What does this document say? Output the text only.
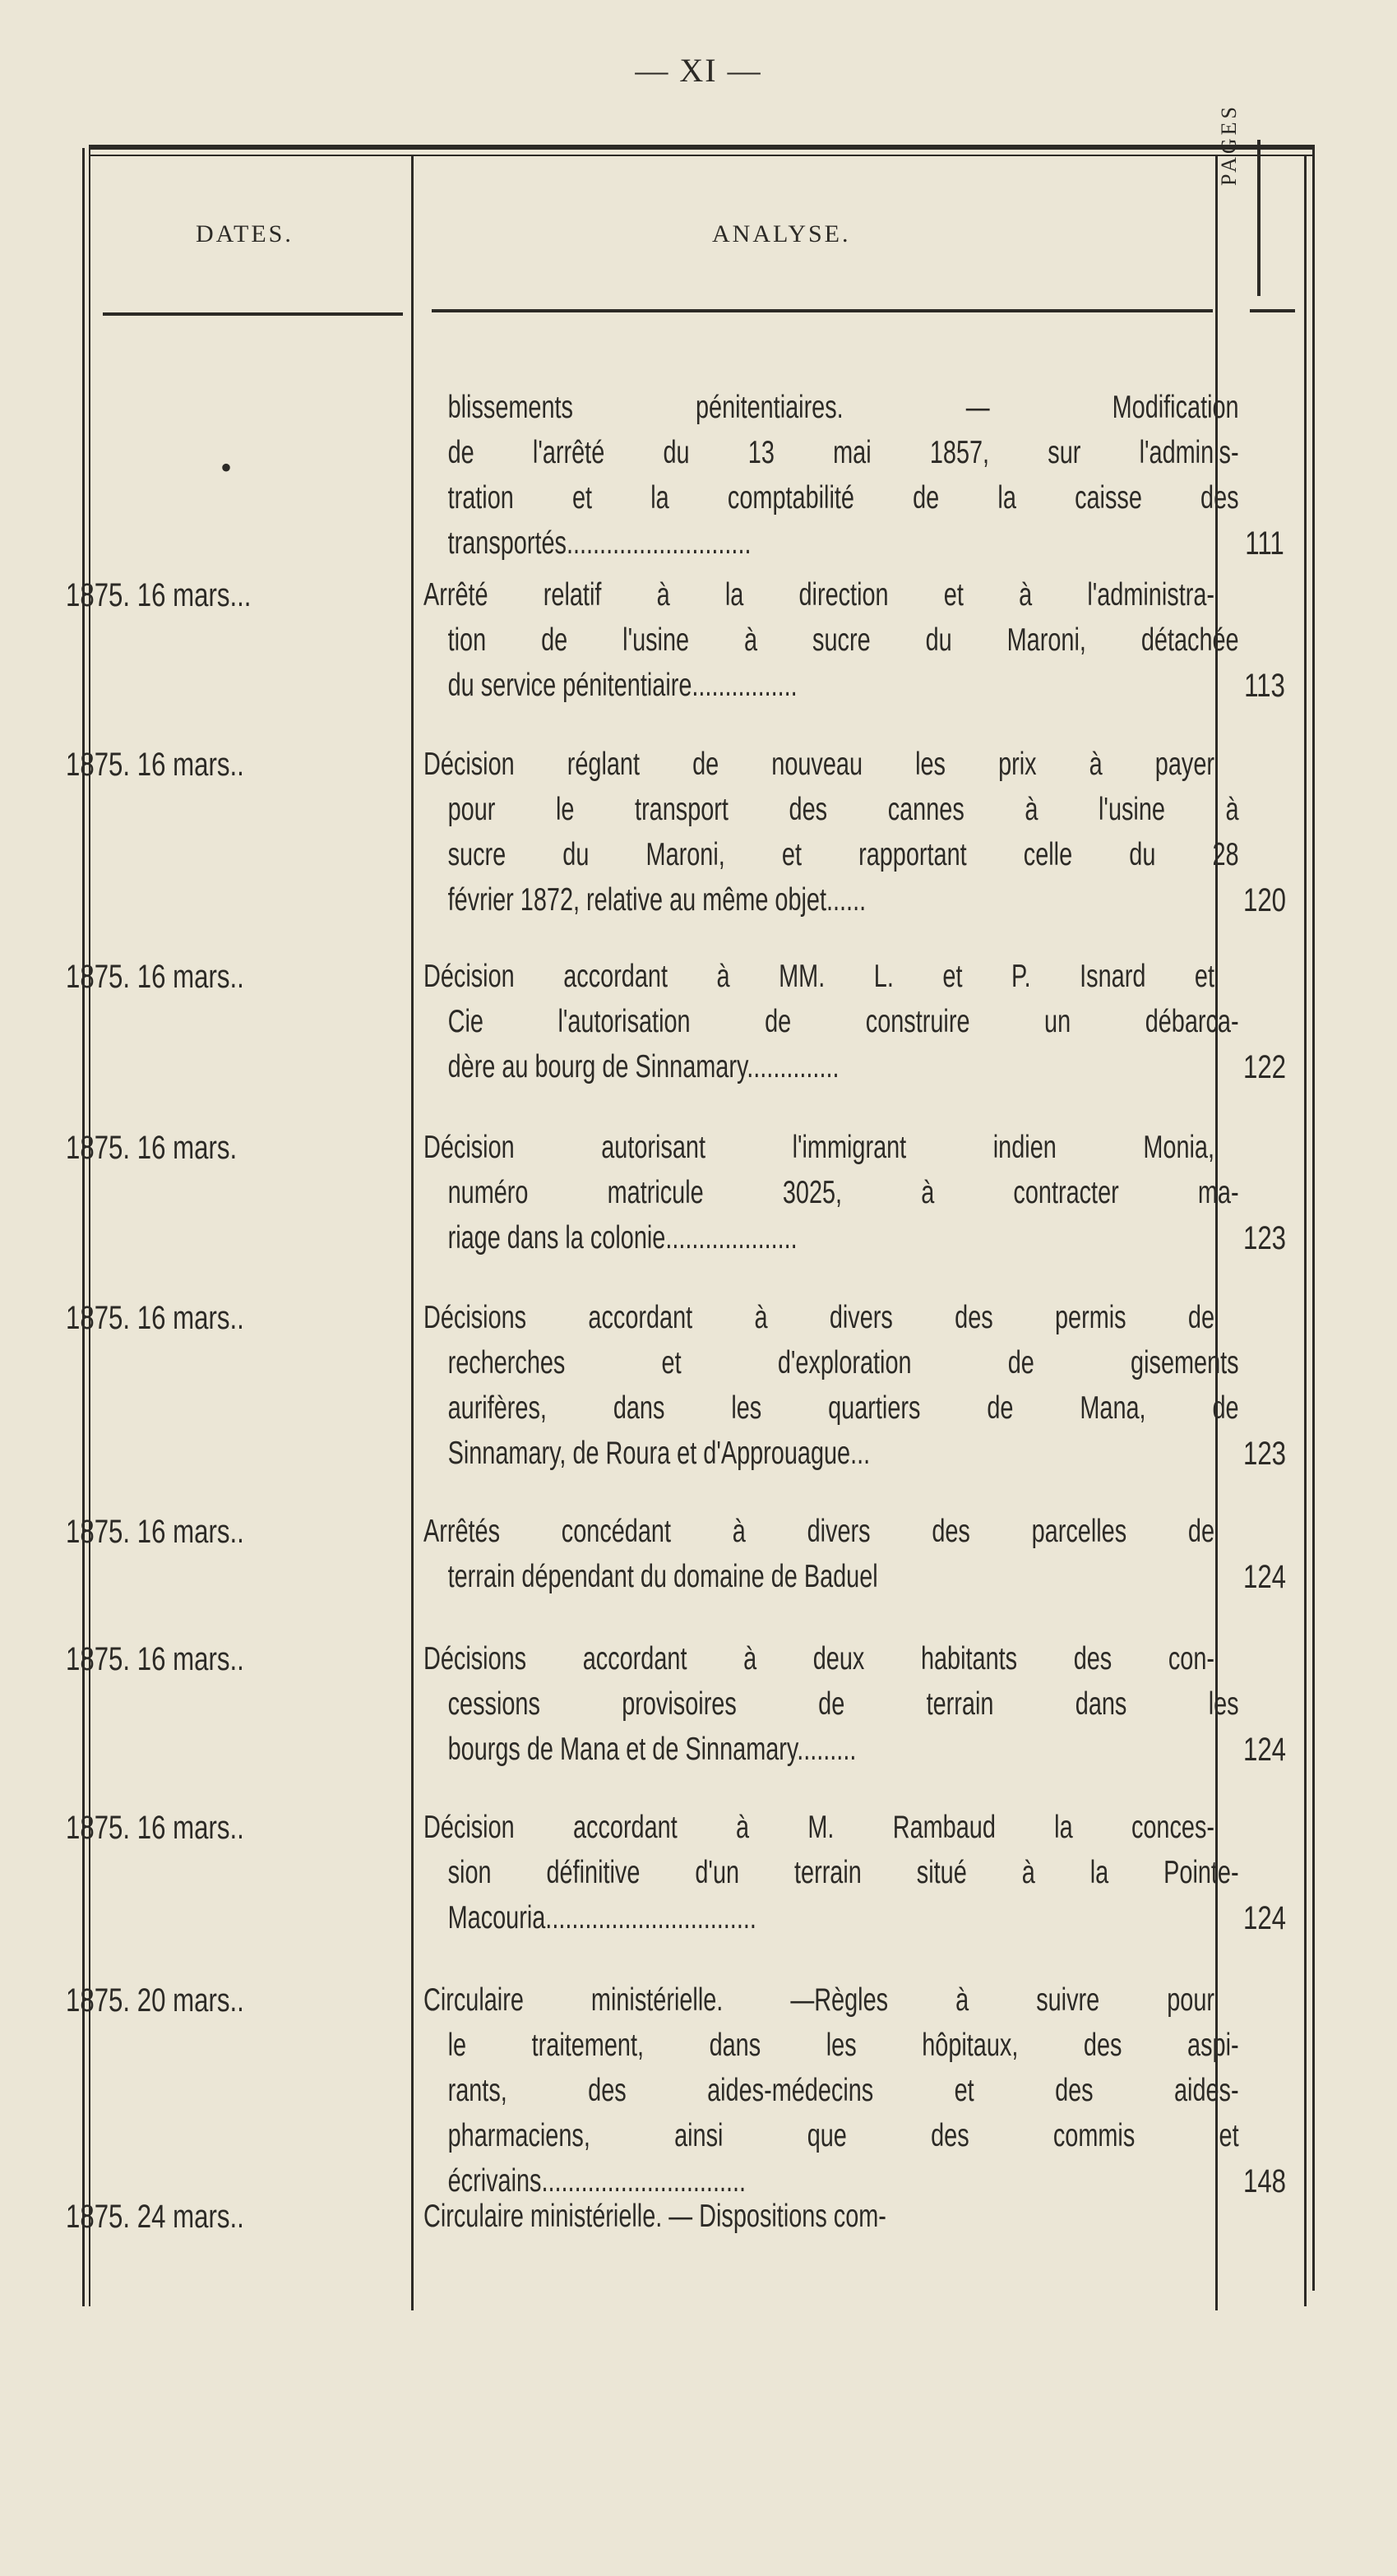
— XI —
DATES.	ANALYSE.
PAGES
•
blissements pénitentiaires. — Modification
de l'arrêté du 13 mai 1857, sur l'adminis-
tration et la comptabilité de la caisse des
transportés............................	111
1875. 16 mars...	Arrêté relatif à la direction et à l'administra-
tion de l'usine à sucre du Maroni, détachée
du service pénitentiaire................	113
1875. 16 mars..	Décision réglant de nouveau les prix à payer
pour le transport des cannes à l'usine à
sucre du Maroni, et rapportant celle du 28
février 1872, relative au même objet......	120
1875. 16 mars..	Décision accordant à MM. L. et P. Isnard et
Cie l'autorisation de construire un débarca-
dère au bourg de Sinnamary..............	122
1875. 16 mars.	Décision autorisant l'immigrant indien Monia,
numéro matricule 3025, à contracter ma-
riage dans la colonie....................	123
1875. 16 mars..	Décisions accordant à divers des permis de
recherches et d'exploration de gisements
aurifères, dans les quartiers de Mana, de
Sinnamary, de Roura et d'Approuague...	123
1875. 16 mars..	Arrêtés concédant à divers des parcelles de
terrain dépendant du domaine de Baduel	124
1875. 16 mars..	Décisions accordant à deux habitants des con-
cessions provisoires de terrain dans les
bourgs de Mana et de Sinnamary.........	124
1875. 16 mars..	Décision accordant à M. Rambaud la conces-
sion définitive d'un terrain situé à la Pointe-
Macouria................................	124
1875. 20 mars..	Circulaire ministérielle. —Règles à suivre pour
le traitement, dans les hôpitaux, des aspi-
rants, des aides-médecins et des aides-
pharmaciens, ainsi que des commis et
écrivains...............................	148
1875. 24 mars..	Circulaire ministérielle. — Dispositions com-
